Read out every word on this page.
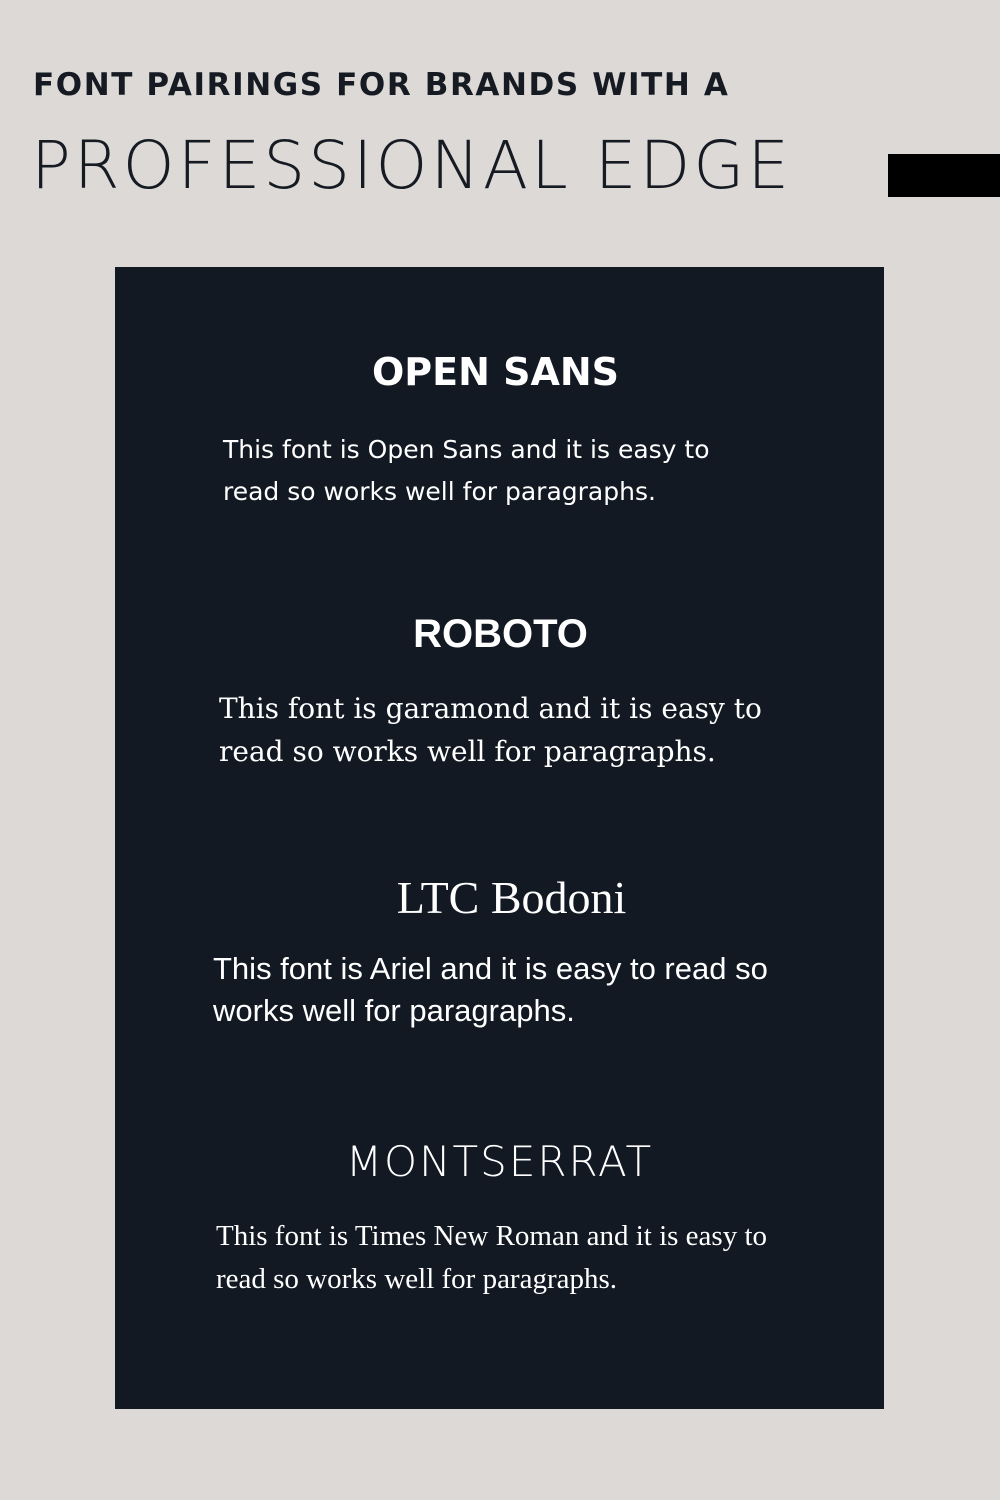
FONT PAIRINGS FOR BRANDS WITH A
PROFESSIONAL EDGE
OPEN SANS
This font is Open Sans and it is easy to read so works well for paragraphs.
ROBOTO
This font is garamond and it is easy to read so works well for paragraphs.
LTC Bodoni
This font is Ariel and it is easy to read so works well for paragraphs.
MONTSERRAT
This font is Times New Roman and it is easy to read so works well for paragraphs.
